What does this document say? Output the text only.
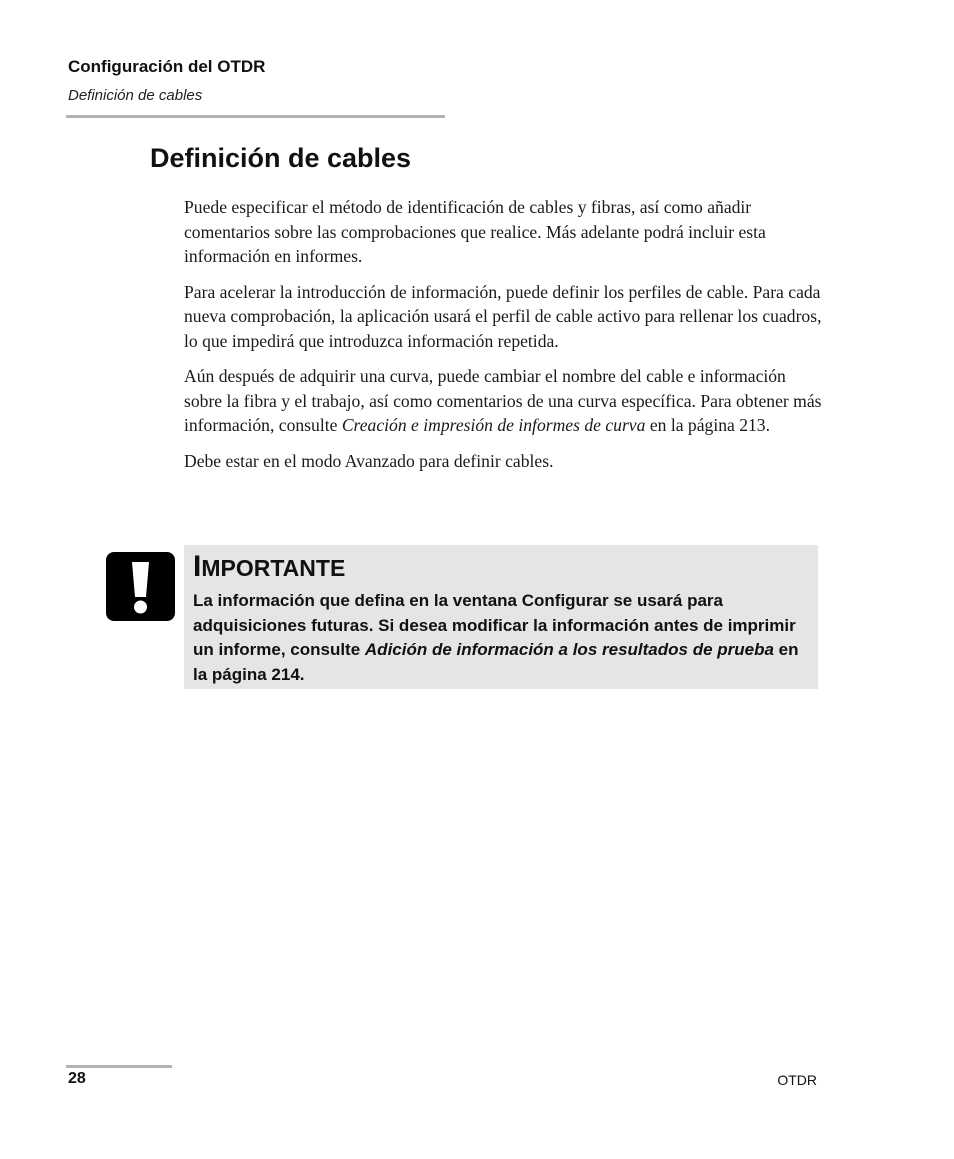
Configuración del OTDR
Definición de cables
Definición de cables

Puede especificar el método de identificación de cables y fibras, así como añadir comentarios sobre las comprobaciones que realice. Más adelante podrá incluir esta información en informes.

Para acelerar la introducción de información, puede definir los perfiles de cable. Para cada nueva comprobación, la aplicación usará el perfil de cable activo para rellenar los cuadros, lo que impedirá que introduzca información repetida.

Aún después de adquirir una curva, puede cambiar el nombre del cable e información sobre la fibra y el trabajo, así como comentarios de una curva específica. Para obtener más información, consulte Creación e impresión de informes de curva en la página 213.

Debe estar en el modo Avanzado para definir cables.

IMPORTANTE

La información que defina en la ventana Configurar se usará para adquisiciones futuras. Si desea modificar la información antes de imprimir un informe, consulte Adición de información a los resultados de prueba en la página 214.

28	OTDR
